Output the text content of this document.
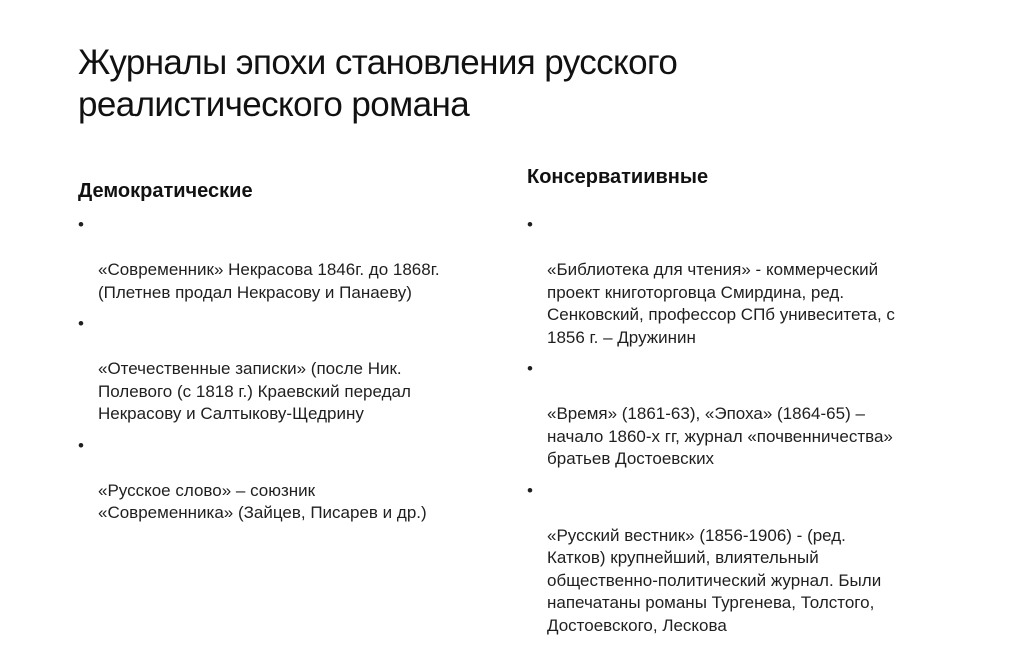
Журналы эпохи становления русского
реалистического романа
Демократические

•

«Современник» Некрасова 1846г. до 1868г.
(Плетнев продал Некрасову и Панаеву)

•

«Отечественные записки» (после Ник.
Полевого (с 1818 г.) Краевский передал
Некрасову и Салтыкову-Щедрину

•

«Русское слово» – союзник
«Современника» (Зайцев, Писарев и др.)

Консерватиивные

•

«Библиотека для чтения» - коммерческий
проект книготорговца Смирдина, ред.
Сенковский, профессор СПб унивеситета, с
1856 г. – Дружинин

•

«Время» (1861-63), «Эпоха» (1864-65) –
начало 1860-х гг, журнал «почвенничества»
братьев Достоевских

•

«Русский вестник» (1856-1906) - (ред.
Катков) крупнейший, влиятельный
общественно-политический журнал. Были
напечатаны романы Тургенева, Толстого,
Достоевского, Лескова
